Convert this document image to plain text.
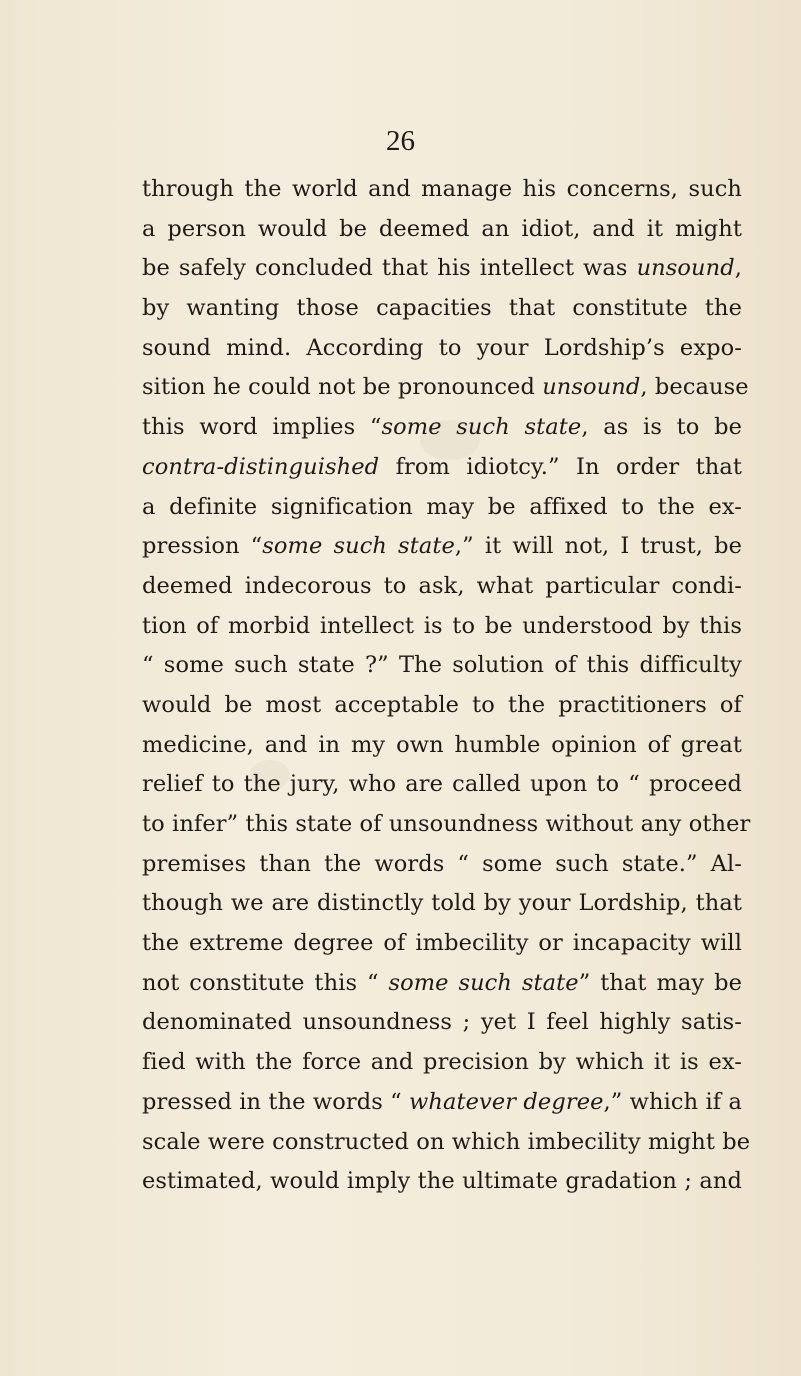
26
through the world and manage his concerns, such
a person would be deemed an idiot, and it might
be safely concluded that his intellect was unsound,
by wanting those capacities that constitute the
sound mind. According to your Lordship’s expo-
sition he could not be pronounced unsound, because
this word implies “some such state, as is to be
contra-distinguished from idiotcy.” In order that
a definite signification may be affixed to the ex-
pression “some such state,” it will not, I trust, be
deemed indecorous to ask, what particular condi-
tion of morbid intellect is to be understood by this
“ some such state ?” The solution of this difficulty
would be most acceptable to the practitioners of
medicine, and in my own humble opinion of great
relief to the jury, who are called upon to “ proceed
to infer” this state of unsoundness without any other
premises than the words “ some such state.” Al-
though we are distinctly told by your Lordship, that
the extreme degree of imbecility or incapacity will
not constitute this “ some such state” that may be
denominated unsoundness ; yet I feel highly satis-
fied with the force and precision by which it is ex-
pressed in the words “ whatever degree,” which if a
scale were constructed on which imbecility might be
estimated, would imply the ultimate gradation ; and
